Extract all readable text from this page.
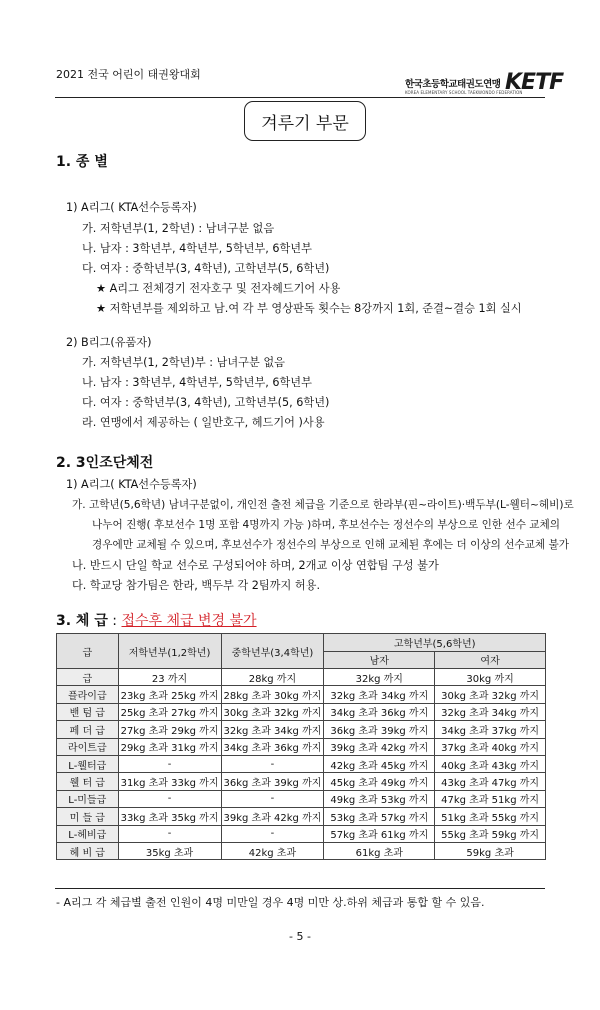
2021 전국 어린이 태권왕대회
한국초등학교태권도연맹
KOREA ELEMENTARY SCHOOL TAEKWONDO FEDERATION
KETF
겨루기 부문
1. 종 별
1) A리그( KTA선수등록자)
가. 저학년부(1, 2학년) : 남녀구분 없음
나. 남자 : 3학년부, 4학년부, 5학년부, 6학년부
다. 여자 : 중학년부(3, 4학년), 고학년부(5, 6학년)
★ A리그 전체경기 전자호구 및 전자헤드기어 사용
★ 저학년부를 제외하고 남.여 각 부 영상판독 횟수는 8강까지 1회, 준결~결승 1회 실시
2) B리그(유품자)
가. 저학년부(1, 2학년)부 : 남녀구분 없음
나. 남자 : 3학년부, 4학년부, 5학년부, 6학년부
다. 여자 : 중학년부(3, 4학년), 고학년부(5, 6학년)
라. 연맹에서 제공하는 ( 일반호구, 헤드기어 )사용
2. 3인조단체전
1) A리그( KTA선수등록자)
가. 고학년(5,6학년) 남녀구분없이, 개인전 출전 체급을 기준으로 한라부(핀~라이트)·백두부(L-웰터~헤비)로
나누어 진행( 후보선수 1명 포함 4명까지 가능 )하며, 후보선수는 정선수의 부상으로 인한 선수 교체의
경우에만 교체될 수 있으며, 후보선수가 정선수의 부상으로 인해 교체된 후에는 더 이상의 선수교체 불가
나. 반드시 단일 학교 선수로 구성되어야 하며, 2개교 이상 연합팀 구성 불가
다. 학교당 참가팀은 한라, 백두부 각 2팀까지 허용.
3. 체 급 : 접수후 체급 변경 불가
급	저학년부(1,2학년)	중학년부(3,4학년)	고학년부(5,6학년)	
			남자	여자
급	23 까지	28kg 까지	32kg 까지	30kg 까지
플라이급	23kg 초과 25kg 까지	28kg 초과 30kg 까지	32kg 초과 34kg 까지	30kg 초과 32kg 까지
밴 텀 급	25kg 초과 27kg 까지	30kg 초과 32kg 까지	34kg 초과 36kg 까지	32kg 초과 34kg 까지
페 더 급	27kg 초과 29kg 까지	32kg 초과 34kg 까지	36kg 초과 39kg 까지	34kg 초과 37kg 까지
라이트급	29kg 초과 31kg 까지	34kg 초과 36kg 까지	39kg 초과 42kg 까지	37kg 초과 40kg 까지
L-웰터급	-	-	42kg 초과 45kg 까지	40kg 초과 43kg 까지
웰 터 급	31kg 초과 33kg 까지	36kg 초과 39kg 까지	45kg 초과 49kg 까지	43kg 초과 47kg 까지
L-미들급	-	-	49kg 초과 53kg 까지	47kg 초과 51kg 까지
미 들 급	33kg 초과 35kg 까지	39kg 초과 42kg 까지	53kg 초과 57kg 까지	51kg 초과 55kg 까지
L-헤비급	-	-	57kg 초과 61kg 까지	55kg 초과 59kg 까지
헤 비 급	35kg 초과	42kg 초과	61kg 초과	59kg 초과
- A리그 각 체급별 출전 인원이 4명 미만일 경우 4명 미만 상.하위 체급과 통합 할 수 있음.
- 5 -
